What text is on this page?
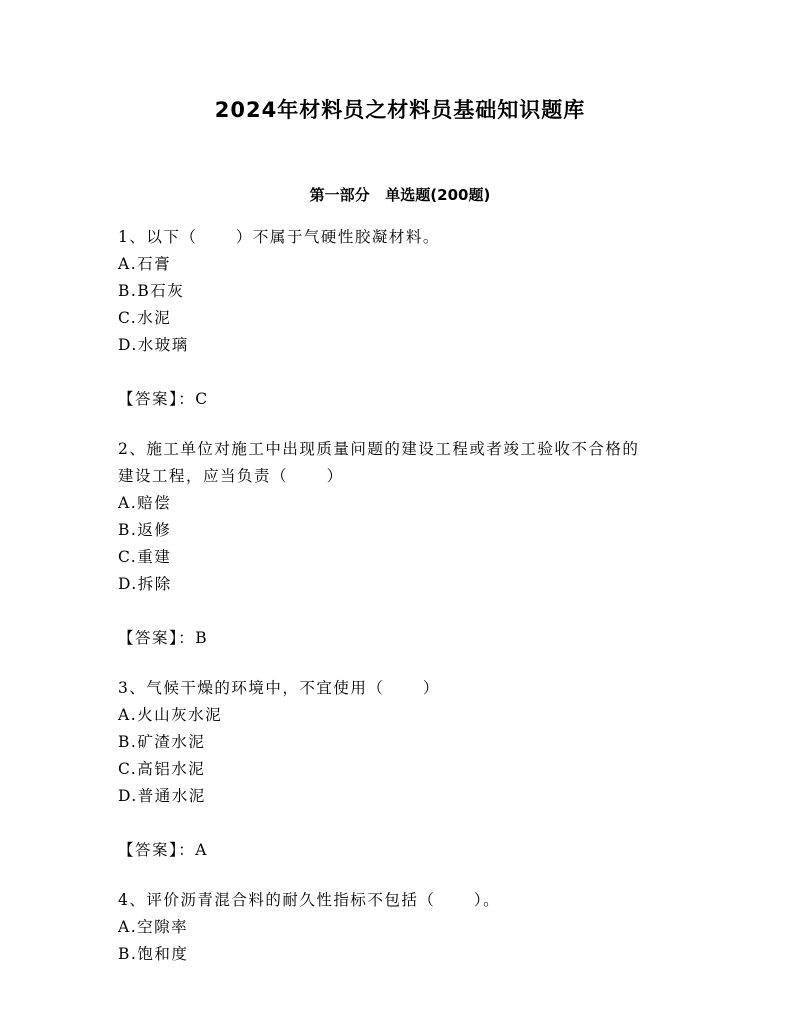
2024年材料员之材料员基础知识题库
第一部分   单选题(200题)
1、以下（      ）不属于气硬性胶凝材料。
A.石膏
B.B石灰
C.水泥
D.水玻璃
【答案】：C
2、施工单位对施工中出现质量问题的建设工程或者竣工验收不合格的
建设工程，应当负责（      ）
A.赔偿
B.返修
C.重建
D.拆除
【答案】：B
3、气候干燥的环境中，不宜使用（      ）
A.火山灰水泥
B.矿渣水泥
C.高铝水泥
D.普通水泥
【答案】：A
4、评价沥青混合料的耐久性指标不包括（      ）。
A.空隙率
B.饱和度
